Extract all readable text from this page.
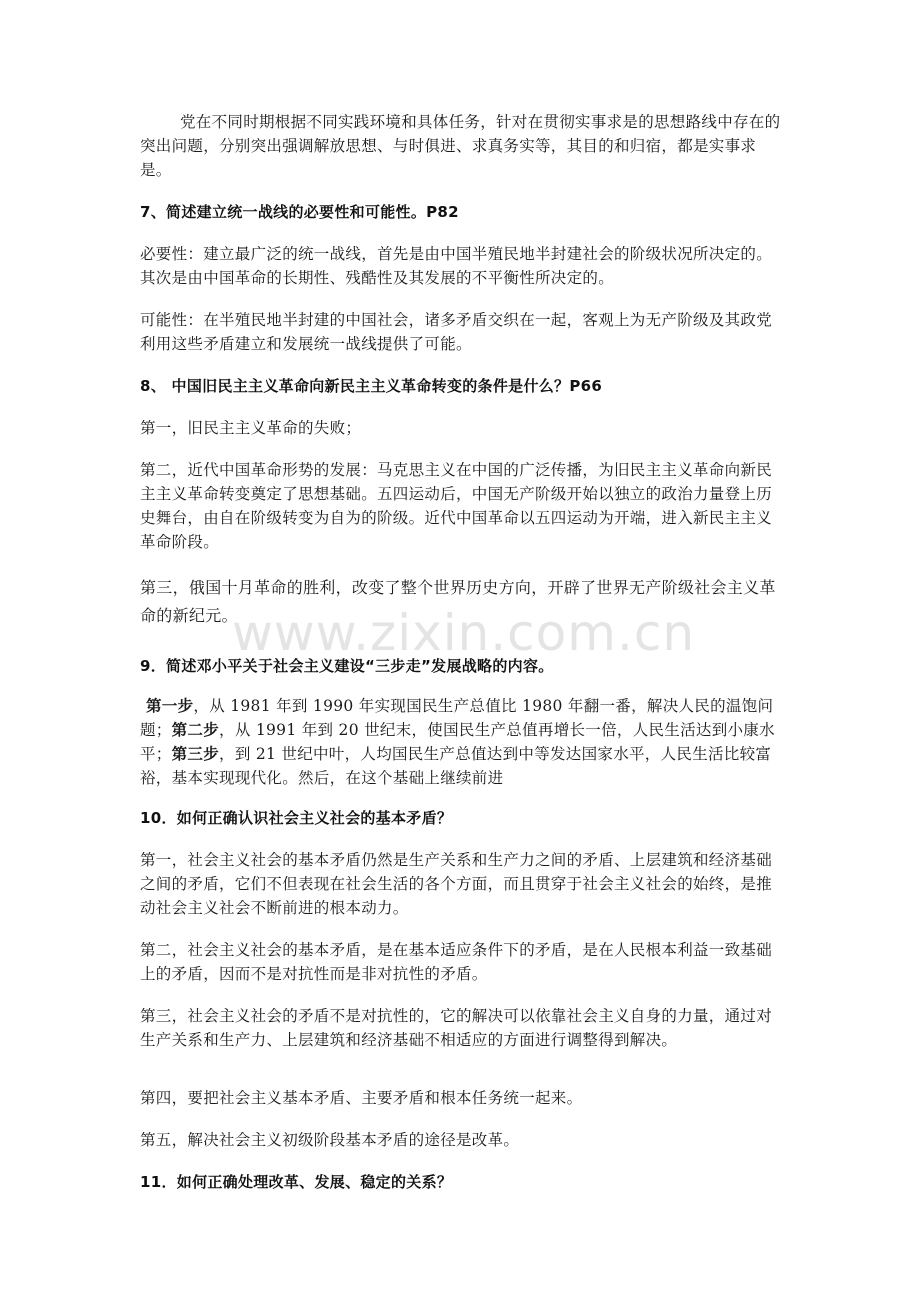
www.zixin.com.cn

党在不同时期根据不同实践环境和具体任务，针对在贯彻实事求是的思想路线中存在的突出问题，分别突出强调解放思想、与时俱进、求真务实等，其目的和归宿，都是实事求是。

7、简述建立统一战线的必要性和可能性。P82

必要性：建立最广泛的统一战线，首先是由中国半殖民地半封建社会的阶级状况所决定的。其次是由中国革命的长期性、残酷性及其发展的不平衡性所决定的。

可能性：在半殖民地半封建的中国社会，诸多矛盾交织在一起，客观上为无产阶级及其政党利用这些矛盾建立和发展统一战线提供了可能。

8、 中国旧民主主义革命向新民主主义革命转变的条件是什么？P66

第一，旧民主主义革命的失败；

第二，近代中国革命形势的发展：马克思主义在中国的广泛传播，为旧民主主义革命向新民主主义革命转变奠定了思想基础。五四运动后，中国无产阶级开始以独立的政治力量登上历史舞台，由自在阶级转变为自为的阶级。近代中国革命以五四运动为开端，进入新民主主义革命阶段。

第三，俄国十月革命的胜利，改变了整个世界历史方向，开辟了世界无产阶级社会主义革命的新纪元。

9．简述邓小平关于社会主义建设“三步走”发展战略的内容。

第一步，从 1981 年到 1990 年实现国民生产总值比 1980 年翻一番，解决人民的温饱问题；第二步，从 1991 年到 20 世纪末，使国民生产总值再增长一倍，人民生活达到小康水平；第三步，到 21 世纪中叶，人均国民生产总值达到中等发达国家水平，人民生活比较富裕，基本实现现代化。然后，在这个基础上继续前进

10．如何正确认识社会主义社会的基本矛盾？

第一，社会主义社会的基本矛盾仍然是生产关系和生产力之间的矛盾、上层建筑和经济基础之间的矛盾，它们不但表现在社会生活的各个方面，而且贯穿于社会主义社会的始终，是推动社会主义社会不断前进的根本动力。

第二，社会主义社会的基本矛盾，是在基本适应条件下的矛盾，是在人民根本利益一致基础上的矛盾，因而不是对抗性而是非对抗性的矛盾。

第三，社会主义社会的矛盾不是对抗性的，它的解决可以依靠社会主义自身的力量，通过对生产关系和生产力、上层建筑和经济基础不相适应的方面进行调整得到解决。

第四，要把社会主义基本矛盾、主要矛盾和根本任务统一起来。

第五，解决社会主义初级阶段基本矛盾的途径是改革。

11．如何正确处理改革、发展、稳定的关系？
